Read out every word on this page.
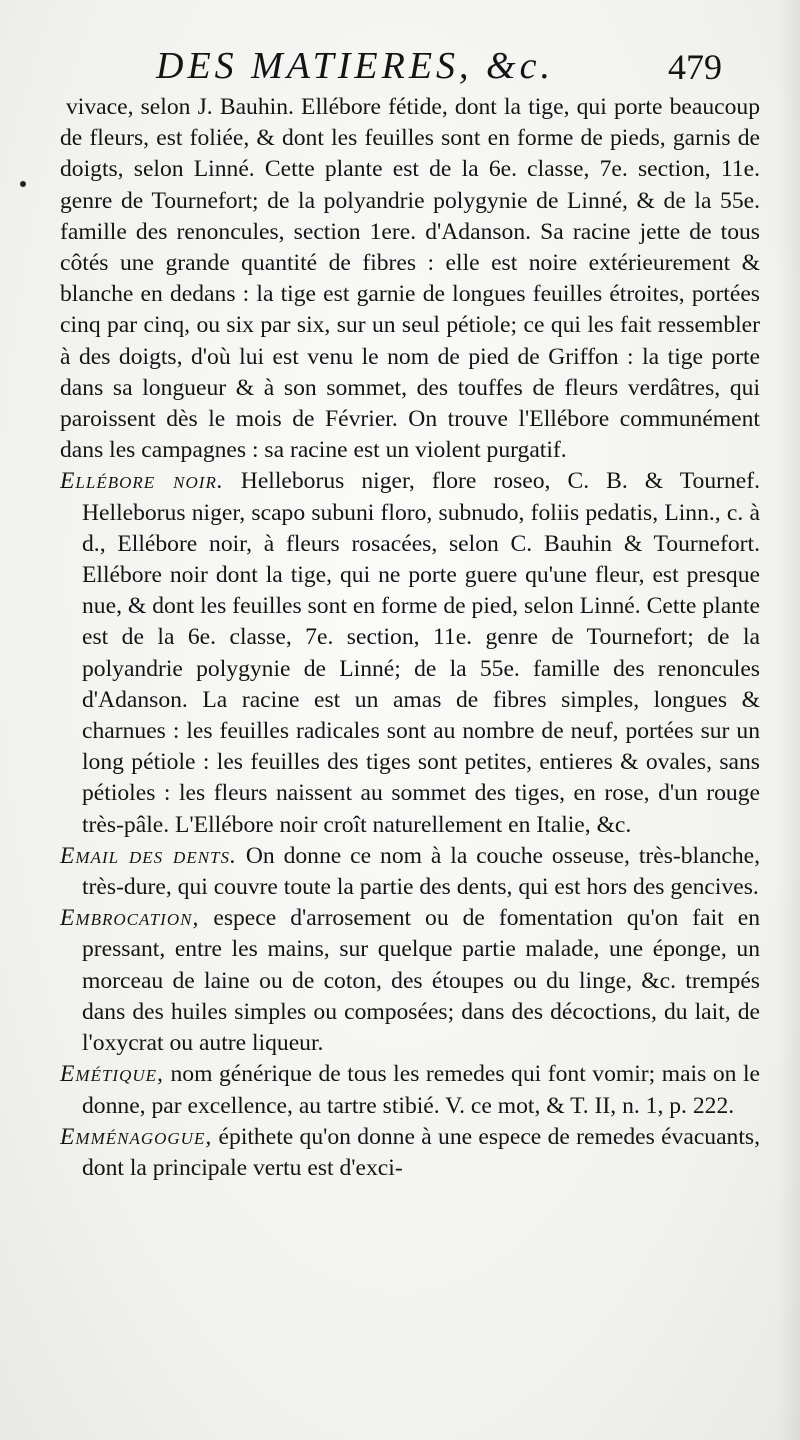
DES MATIERES, &c.	479

vivace, selon J. Bauhin. Ellébore fétide, dont la tige, qui porte beaucoup de fleurs, est foliée, & dont les feuilles sont en forme de pieds, garnis de doigts, selon Linné. Cette plante est de la 6e. classe, 7e. section, 11e. genre de Tournefort; de la polyandrie polygynie de Linné, & de la 55e. famille des renoncules, section 1ere. d'Adanson. Sa racine jette de tous côtés une grande quantité de fibres : elle est noire extérieurement & blanche en dedans : la tige est garnie de longues feuilles étroites, portées cinq par cinq, ou six par six, sur un seul pétiole; ce qui les fait ressembler à des doigts, d'où lui est venu le nom de pied de Griffon : la tige porte dans sa longueur & à son sommet, des touffes de fleurs verdâtres, qui paroissent dès le mois de Février. On trouve l'Ellébore communément dans les campagnes : sa racine est un violent purgatif.

Ellébore noir. Helleborus niger, flore roseo, C. B. & Tournef. Helleborus niger, scapo subuni floro, subnudo, foliis pedatis, Linn., c. à d., Ellébore noir, à fleurs rosacées, selon C. Bauhin & Tournefort. Ellébore noir dont la tige, qui ne porte guere qu'une fleur, est presque nue, & dont les feuilles sont en forme de pied, selon Linné. Cette plante est de la 6e. classe, 7e. section, 11e. genre de Tournefort; de la polyandrie polygynie de Linné; de la 55e. famille des renoncules d'Adanson. La racine est un amas de fibres simples, longues & charnues : les feuilles radicales sont au nombre de neuf, portées sur un long pétiole : les feuilles des tiges sont petites, entieres & ovales, sans pétioles : les fleurs naissent au sommet des tiges, en rose, d'un rouge très-pâle. L'Ellébore noir croît naturellement en Italie, &c.

Email des dents. On donne ce nom à la couche osseuse, très-blanche, très-dure, qui couvre toute la partie des dents, qui est hors des gencives.

Embrocation, espece d'arrosement ou de fomentation qu'on fait en pressant, entre les mains, sur quelque partie malade, une éponge, un morceau de laine ou de coton, des étoupes ou du linge, &c. trempés dans des huiles simples ou composées; dans des décoctions, du lait, de l'oxycrat ou autre liqueur.

Emétique, nom générique de tous les remedes qui font vomir; mais on le donne, par excellence, au tartre stibié. V. ce mot, & T. II, n. 1, p. 222.

Emménagogue, épithete qu'on donne à une espece de remedes évacuants, dont la principale vertu est d'exci-
